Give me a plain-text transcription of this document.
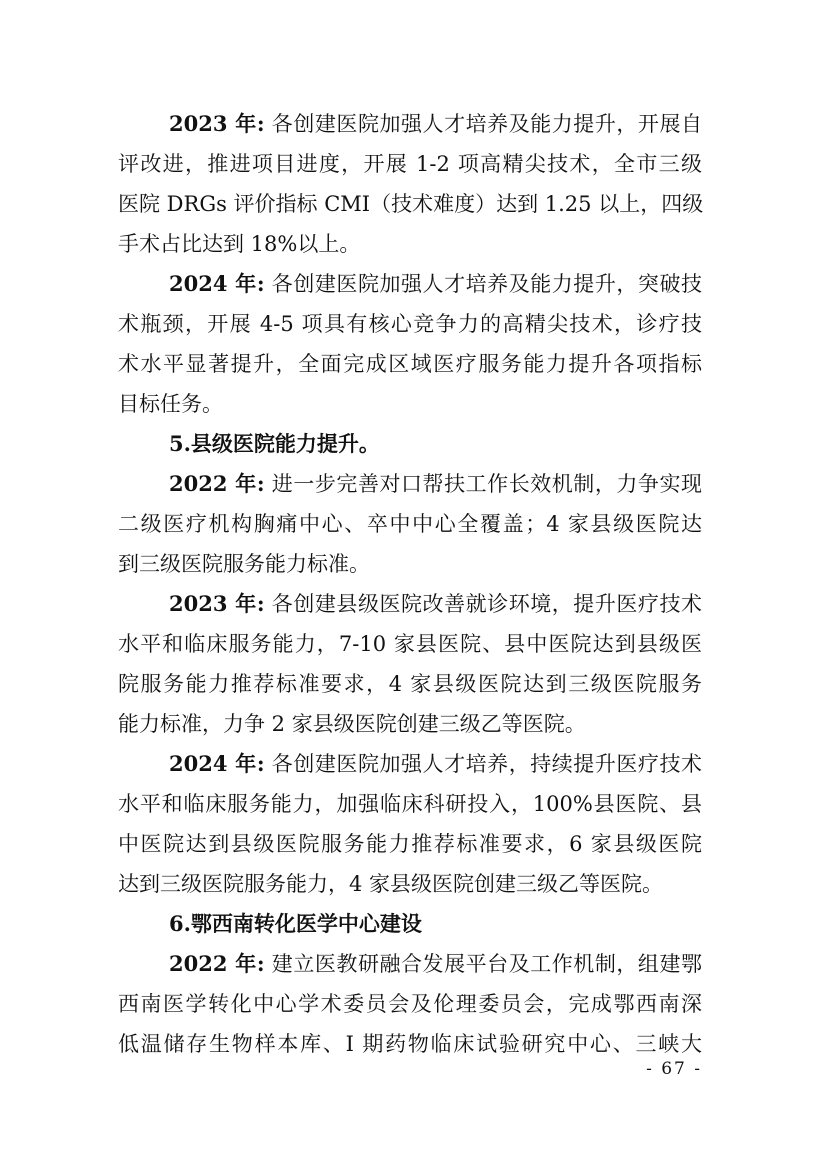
2023 年: 各创建医院加强人才培养及能力提升，开展自
评改进，推进项目进度，开展 1-2 项高精尖技术，全市三级
医院 DRGs 评价指标 CMI（技术难度）达到 1.25 以上，四级
手术占比达到 18%以上。
2024 年: 各创建医院加强人才培养及能力提升，突破技
术瓶颈，开展 4-5 项具有核心竞争力的高精尖技术，诊疗技
术水平显著提升，全面完成区域医疗服务能力提升各项指标
目标任务。
5.县级医院能力提升。
2022 年: 进一步完善对口帮扶工作长效机制，力争实现
二级医疗机构胸痛中心、卒中中心全覆盖；4 家县级医院达
到三级医院服务能力标准。
2023 年: 各创建县级医院改善就诊环境，提升医疗技术
水平和临床服务能力，7-10 家县医院、县中医院达到县级医
院服务能力推荐标准要求，4 家县级医院达到三级医院服务
能力标准，力争 2 家县级医院创建三级乙等医院。
2024 年: 各创建医院加强人才培养，持续提升医疗技术
水平和临床服务能力，加强临床科研投入，100%县医院、县
中医院达到县级医院服务能力推荐标准要求，6 家县级医院
达到三级医院服务能力，4 家县级医院创建三级乙等医院。
6.鄂西南转化医学中心建设
2022 年: 建立医教研融合发展平台及工作机制，组建鄂
西南医学转化中心学术委员会及伦理委员会，完成鄂西南深
低温储存生物样本库、I 期药物临床试验研究中心、三峡大
- 67 -
